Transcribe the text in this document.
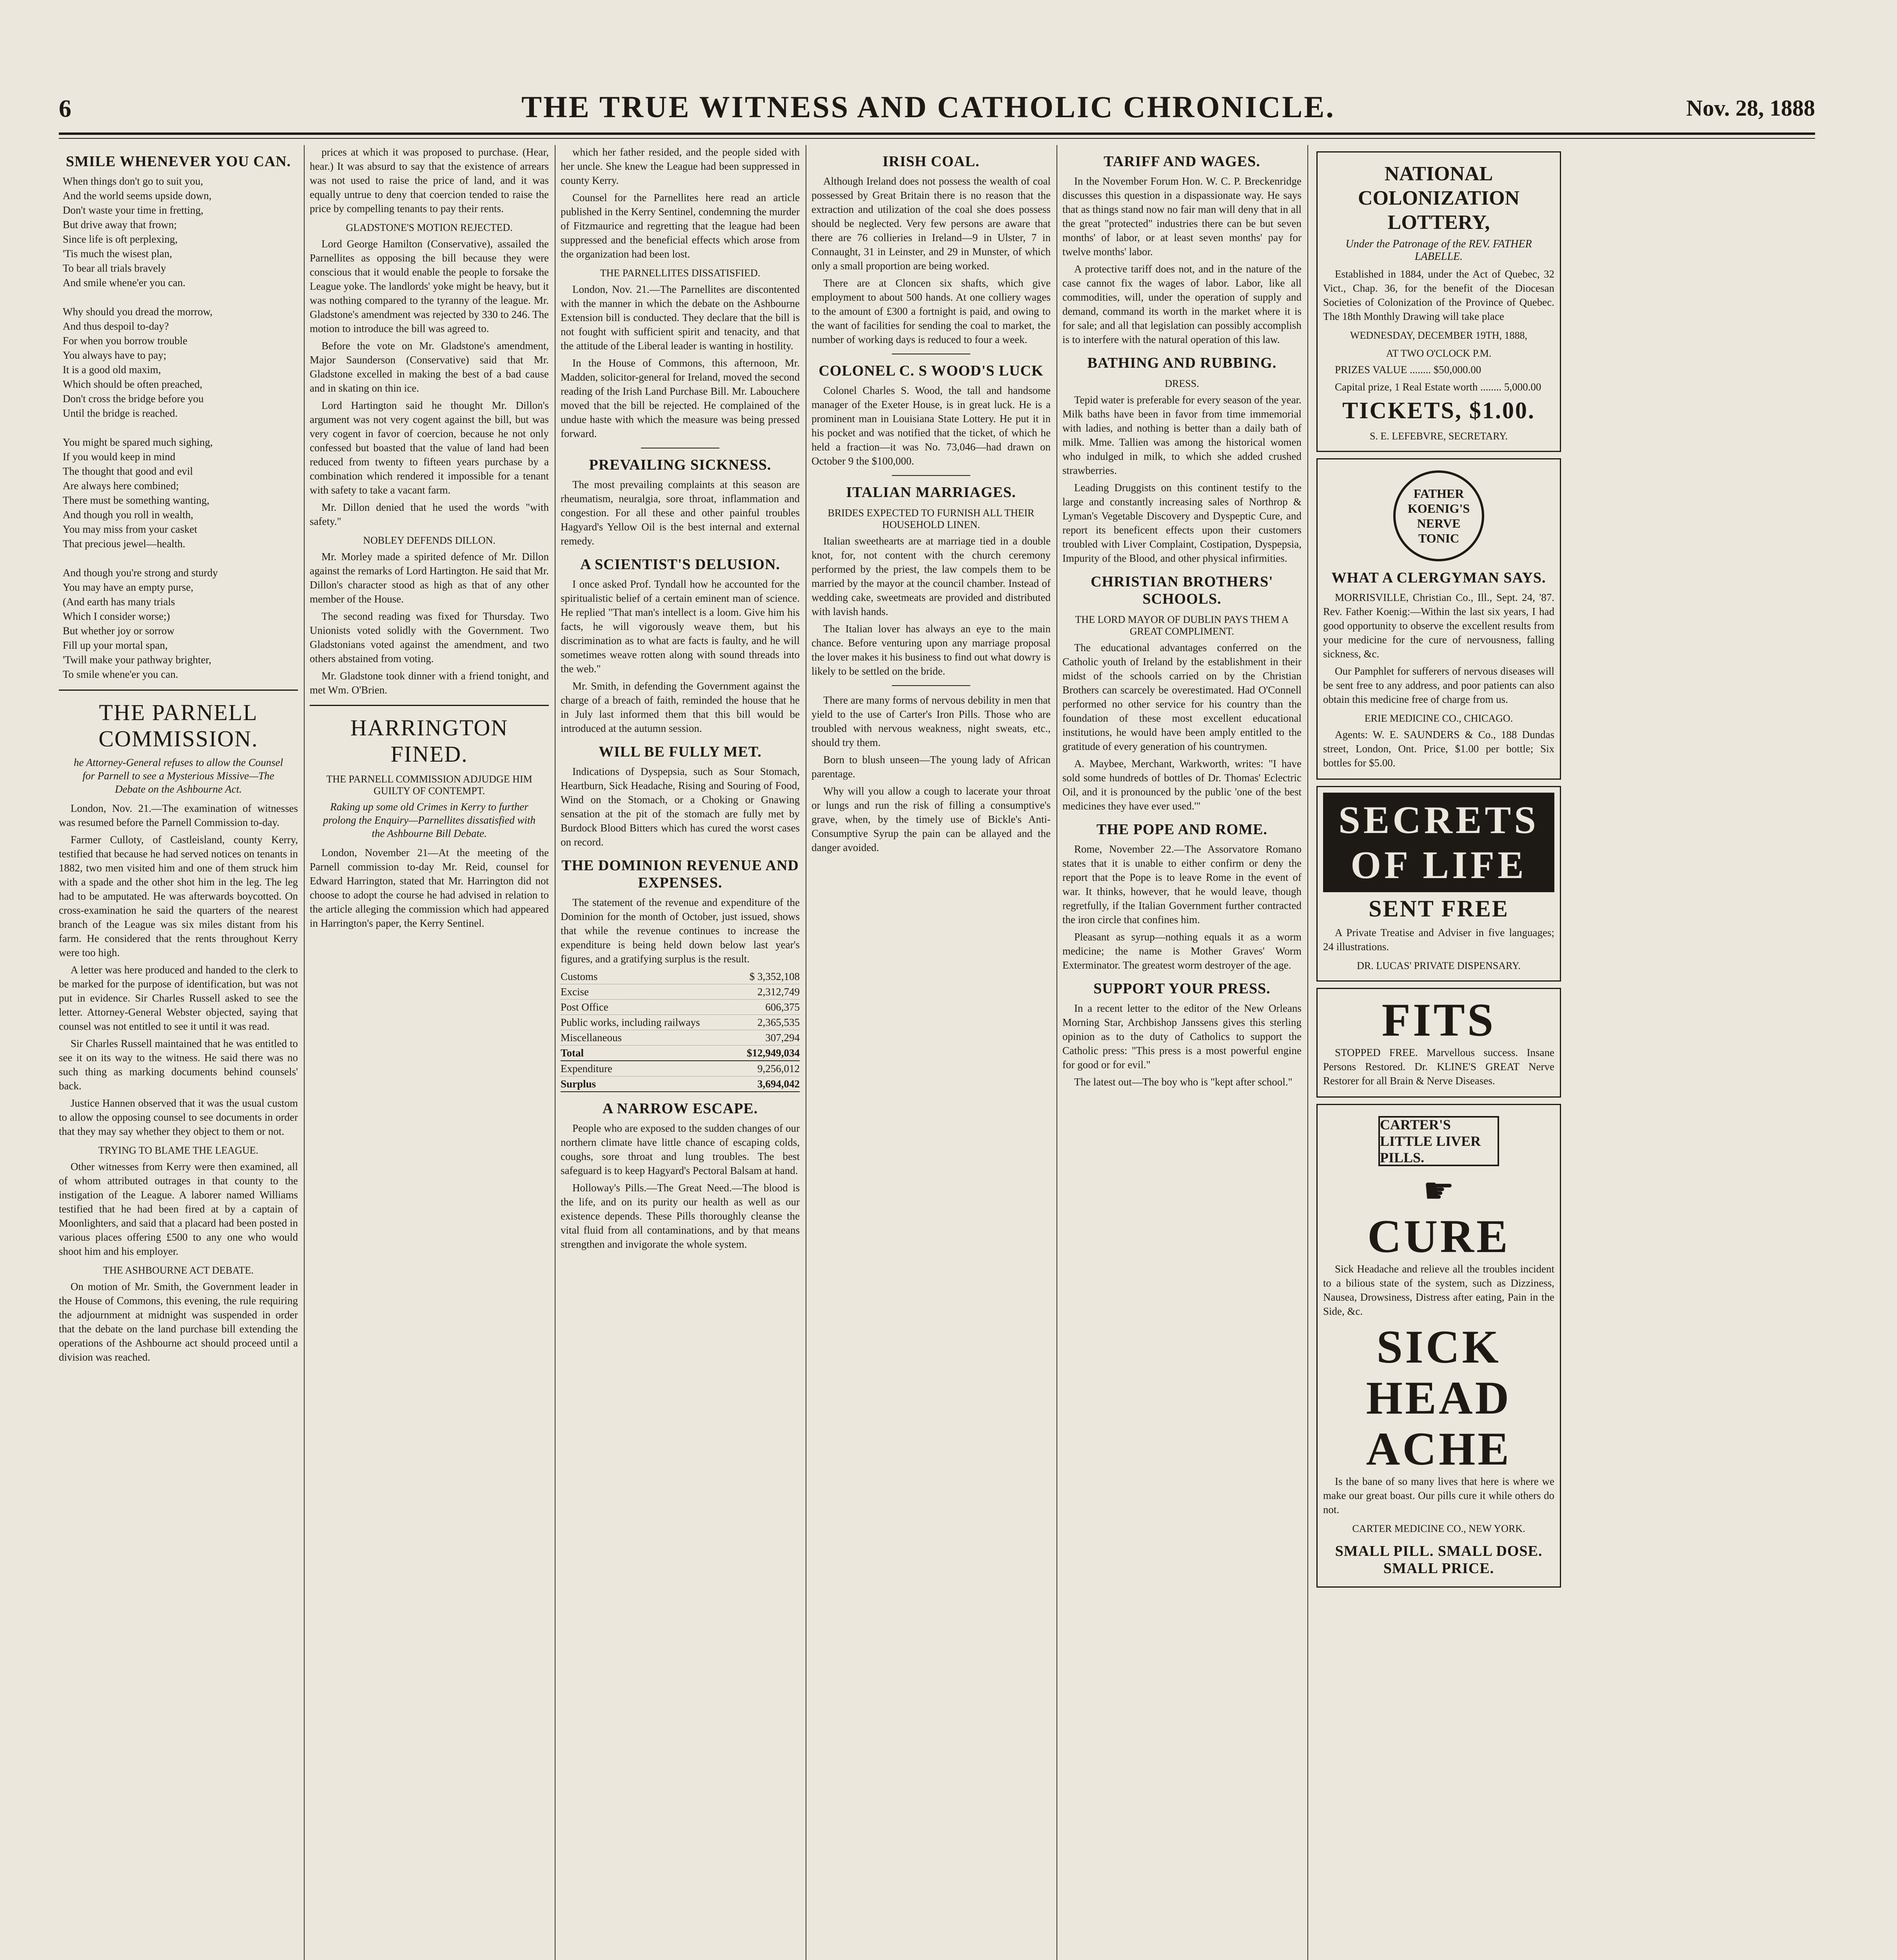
6	THE TRUE WITNESS AND CATHOLIC CHRONICLE.	Nov. 28, 1888
SMILE WHENEVER YOU CAN.
When things don't go to suit you,
And the world seems upside down,
Don't waste your time in fretting,
But drive away that frown;
Since life is oft perplexing,
'Tis much the wisest plan,
To bear all trials bravely
And smile whene'er you can.

Why should you dread the morrow,
And thus despoil to-day?
For when you borrow trouble
You always have to pay;
It is a good old maxim,
Which should be often preached,
Don't cross the bridge before you
Until the bridge is reached.

You might be spared much sighing,
If you would keep in mind
The thought that good and evil
Are always here combined;
There must be something wanting,
And though you roll in wealth,
You may miss from your casket
That precious jewel—health.

And though you're strong and sturdy
You may have an empty purse,
(And earth has many trials
Which I consider worse;)
But whether joy or sorrow
Fill up your mortal span,
'Twill make your pathway brighter,
To smile whene'er you can.
THE PARNELL COMMISSION.
he Attorney-General refuses to allow the Counsel for Parnell to see a Mysterious Missive—The Debate on the Ashbourne Act.

London, Nov. 21.—The examination of witnesses was resumed before the Parnell Commission to-day.

Farmer Culloty, of Castleisland, county Kerry, testified that because he had served notices on tenants in 1882, two men visited him and one of them struck him with a spade and the other shot him in the leg. The leg had to be amputated. He was afterwards boycotted. On cross-examination he said the quarters of the nearest branch of the League was six miles distant from his farm. He considered that the rents throughout Kerry were too high.

A letter was here produced and handed to the clerk to be marked for the purpose of identification, but was not put in evidence. Sir Charles Russell asked to see the letter. Attorney-General Webster objected, saying that counsel was not entitled to see it until it was read.

Sir Charles Russell maintained that he was entitled to see it on its way to the witness. He said there was no such thing as marking documents behind counsels' back.

Justice Hannen observed that it was the usual custom to allow the opposing counsel to see documents in order that they may say whether they object to them or not.

TRYING TO BLAME THE LEAGUE.

Other witnesses from Kerry were then examined, all of whom attributed outrages in that county to the instigation of the League. A laborer named Williams testified that he had been fired at by a captain of Moonlighters, and said that a placard had been posted in various places offering £500 to any one who would shoot him and his employer.

THE ASHBOURNE ACT DEBATE.

On motion of Mr. Smith, the Government leader in the House of Commons, this evening, the rule requiring the adjournment at midnight was suspended in order that the debate on the land purchase bill extending the operations of the Ashbourne act should proceed until a division was reached.

prices at which it was proposed to purchase. (Hear, hear.) It was absurd to say that the existence of arrears was not used to raise the price of land, and it was equally untrue to deny that coercion tended to raise the price by compelling tenants to pay their rents.

GLADSTONE'S MOTION REJECTED.

Lord George Hamilton (Conservative), assailed the Parnellites as opposing the bill because they were conscious that it would enable the people to forsake the League yoke. The landlords' yoke might be heavy, but it was nothing compared to the tyranny of the league. Mr. Gladstone's amendment was rejected by 330 to 246. The motion to introduce the bill was agreed to.

Before the vote on Mr. Gladstone's amendment, Major Saunderson (Conservative) said that Mr. Gladstone excelled in making the best of a bad cause and in skating on thin ice.

Lord Hartington said he thought Mr. Dillon's argument was not very cogent against the bill, but was very cogent in favor of coercion, because he not only confessed but boasted that the value of land had been reduced from twenty to fifteen years purchase by a combination which rendered it impossible for a tenant with safety to take a vacant farm.

Mr. Dillon denied that he used the words "with safety."

NOBLEY DEFENDS DILLON.

Mr. Morley made a spirited defence of Mr. Dillon against the remarks of Lord Hartington. He said that Mr. Dillon's character stood as high as that of any other member of the House.

The second reading was fixed for Thursday. Two Unionists voted solidly with the Government. Two Gladstonians voted against the amendment, and two others abstained from voting.

Mr. Gladstone took dinner with a friend tonight, and met Wm. O'Brien.

HARRINGTON FINED.
THE PARNELL COMMISSION ADJUDGE HIM GUILTY OF CONTEMPT.
Raking up some old Crimes in Kerry to further prolong the Enquiry—Parnellites dissatisfied with the Ashbourne Bill Debate.

London, November 21—At the meeting of the Parnell commission to-day Mr. Reid, counsel for Edward Harrington, stated that Mr. Harrington did not choose to adopt the course he had advised in relation to the article alleging the commission which had appeared in Harrington's paper, the Kerry Sentinel.

which her father resided, and the people sided with her uncle. She knew the League had been suppressed in county Kerry.

Counsel for the Parnellites here read an article published in the Kerry Sentinel, condemning the murder of Fitzmaurice and regretting that the league had been suppressed and the beneficial effects which arose from the organization had been lost.

THE PARNELLITES DISSATISFIED.

London, Nov. 21.—The Parnellites are discontented with the manner in which the debate on the Ashbourne Extension bill is conducted. They declare that the bill is not fought with sufficient spirit and tenacity, and that the attitude of the Liberal leader is wanting in hostility.

In the House of Commons, this afternoon, Mr. Madden, solicitor-general for Ireland, moved the second reading of the Irish Land Purchase Bill. Mr. Labouchere moved that the bill be rejected. He complained of the undue haste with which the measure was being pressed forward.

PREVAILING SICKNESS.

The most prevailing complaints at this season are rheumatism, neuralgia, sore throat, inflammation and congestion. For all these and other painful troubles Hagyard's Yellow Oil is the best internal and external remedy.

A SCIENTIST'S DELUSION.

I once asked Prof. Tyndall how he accounted for the spiritualistic belief of a certain eminent man of science. He replied "That man's intellect is a loom. Give him his facts, he will vigorously weave them, but his discrimination as to what are facts is faulty, and he will sometimes weave rotten along with sound threads into the web."

Mr. Smith, in defending the Government against the charge of a breach of faith, reminded the house that he in July last informed them that this bill would be introduced at the autumn session.

WILL BE FULLY MET.

Indications of Dyspepsia, such as Sour Stomach, Heartburn, Sick Headache, Rising and Souring of Food, Wind on the Stomach, or a Choking or Gnawing sensation at the pit of the stomach are fully met by Burdock Blood Bitters which has cured the worst cases on record.

THE DOMINION REVENUE AND EXPENSES.

The statement of the revenue and expenditure of the Dominion for the month of October, just issued, shows that while the revenue continues to increase the expenditure is being held down below last year's figures, and a gratifying surplus is the result.

Customs	$ 3,352,108
Excise	2,312,749
Post Office	606,375
Public works, including railways	2,365,535
Miscellaneous	307,294
Total	$12,949,034
Expenditure	9,256,012
Surplus	3,694,042
A NARROW ESCAPE.

People who are exposed to the sudden changes of our northern climate have little chance of escaping colds, coughs, sore throat and lung troubles. The best safeguard is to keep Hagyard's Pectoral Balsam at hand.

Holloway's Pills.—The Great Need.—The blood is the life, and on its purity our health as well as our existence depends. These Pills thoroughly cleanse the vital fluid from all contaminations, and by that means strengthen and invigorate the whole system.

IRISH COAL.

Although Ireland does not possess the wealth of coal possessed by Great Britain there is no reason that the extraction and utilization of the coal she does possess should be neglected. Very few persons are aware that there are 76 collieries in Ireland—9 in Ulster, 7 in Connaught, 31 in Leinster, and 29 in Munster, of which only a small proportion are being worked.

There are at Cloncen six shafts, which give employment to about 500 hands. At one colliery wages to the amount of £300 a fortnight is paid, and owing to the want of facilities for sending the coal to market, the number of working days is reduced to four a week.

COLONEL C. S WOOD'S LUCK

Colonel Charles S. Wood, the tall and handsome manager of the Exeter House, is in great luck. He is a prominent man in Louisiana State Lottery. He put it in his pocket and was notified that the ticket, of which he held a fraction—it was No. 73,046—had drawn on October 9 the $100,000.

ITALIAN MARRIAGES.
BRIDES EXPECTED TO FURNISH ALL THEIR HOUSEHOLD LINEN.

Italian sweethearts are at marriage tied in a double knot, for, not content with the church ceremony performed by the priest, the law compels them to be married by the mayor at the council chamber. Instead of wedding cake, sweetmeats are provided and distributed with lavish hands.

The Italian lover has always an eye to the main chance. Before venturing upon any marriage proposal the lover makes it his business to find out what dowry is likely to be settled on the bride.

There are many forms of nervous debility in men that yield to the use of Carter's Iron Pills. Those who are troubled with nervous weakness, night sweats, etc., should try them.

Born to blush unseen—The young lady of African parentage.

Why will you allow a cough to lacerate your throat or lungs and run the risk of filling a consumptive's grave, when, by the timely use of Bickle's Anti-Consumptive Syrup the pain can be allayed and the danger avoided.

TARIFF AND WAGES.

In the November Forum Hon. W. C. P. Breckenridge discusses this question in a dispassionate way. He says that as things stand now no fair man will deny that in all the great "protected" industries there can be but seven months' of labor, or at least seven months' pay for twelve months' labor.

A protective tariff does not, and in the nature of the case cannot fix the wages of labor. Labor, like all commodities, will, under the operation of supply and demand, command its worth in the market where it is for sale; and all that legislation can possibly accomplish is to interfere with the natural operation of this law.

BATHING AND RUBBING.
DRESS.

Tepid water is preferable for every season of the year. Milk baths have been in favor from time immemorial with ladies, and nothing is better than a daily bath of milk. Mme. Tallien was among the historical women who indulged in milk, to which she added crushed strawberries.

Leading Druggists on this continent testify to the large and constantly increasing sales of Northrop & Lyman's Vegetable Discovery and Dyspeptic Cure, and report its beneficent effects upon their customers troubled with Liver Complaint, Costipation, Dyspepsia, Impurity of the Blood, and other physical infirmities.

CHRISTIAN BROTHERS' SCHOOLS.
THE LORD MAYOR OF DUBLIN PAYS THEM A GREAT COMPLIMENT.

The educational advantages conferred on the Catholic youth of Ireland by the establishment in their midst of the schools carried on by the Christian Brothers can scarcely be overestimated. Had O'Connell performed no other service for his country than the foundation of these most excellent educational institutions, he would have been amply entitled to the gratitude of every generation of his countrymen.

A. Maybee, Merchant, Warkworth, writes: "I have sold some hundreds of bottles of Dr. Thomas' Eclectric Oil, and it is pronounced by the public 'one of the best medicines they have ever used.'"

THE POPE AND ROME.

Rome, November 22.—The Assorvatore Romano states that it is unable to either confirm or deny the report that the Pope is to leave Rome in the event of war. It thinks, however, that he would leave, though regretfully, if the Italian Government further contracted the iron circle that confines him.

Pleasant as syrup—nothing equals it as a worm medicine; the name is Mother Graves' Worm Exterminator. The greatest worm destroyer of the age.

SUPPORT YOUR PRESS.

In a recent letter to the editor of the New Orleans Morning Star, Archbishop Janssens gives this sterling opinion as to the duty of Catholics to support the Catholic press: "This press is a most powerful engine for good or for evil."

The latest out—The boy who is "kept after school."

NATIONAL COLONIZATION LOTTERY,
Under the Patronage of the REV. FATHER LABELLE.

Established in 1884, under the Act of Quebec, 32 Vict., Chap. 36, for the benefit of the Diocesan Societies of Colonization of the Province of Quebec. The 18th Monthly Drawing will take place

WEDNESDAY, DECEMBER 19TH, 1888,
AT TWO O'CLOCK P.M.

PRIZES VALUE ........ $50,000.00

Capital prize, 1 Real Estate worth ........ 5,000.00

TICKETS, $1.00.
S. E. LEFEBVRE, SECRETARY.
FATHER KOENIG'S NERVE TONIC
WHAT A CLERGYMAN SAYS.

MORRISVILLE, Christian Co., Ill., Sept. 24, '87. Rev. Father Koenig:—Within the last six years, I had good opportunity to observe the excellent results from your medicine for the cure of nervousness, falling sickness, &c.

Our Pamphlet for sufferers of nervous diseases will be sent free to any address, and poor patients can also obtain this medicine free of charge from us.

ERIE MEDICINE CO., CHICAGO.

Agents: W. E. SAUNDERS & Co., 188 Dundas street, London, Ont. Price, $1.00 per bottle; Six bottles for $5.00.

SECRETS OF LIFE
SENT FREE

A Private Treatise and Adviser in five languages; 24 illustrations.

DR. LUCAS' PRIVATE DISPENSARY.
FITS

STOPPED FREE. Marvellous success. Insane Persons Restored. Dr. KLINE'S GREAT Nerve Restorer for all Brain & Nerve Diseases.

CARTER'S LITTLE LIVER PILLS.
☛
CURE

Sick Headache and relieve all the troubles incident to a bilious state of the system, such as Dizziness, Nausea, Drowsiness, Distress after eating, Pain in the Side, &c.

SICK
HEAD
ACHE

Is the bane of so many lives that here is where we make our great boast. Our pills cure it while others do not.

CARTER MEDICINE CO., NEW YORK.
SMALL PILL. SMALL DOSE. SMALL PRICE.
